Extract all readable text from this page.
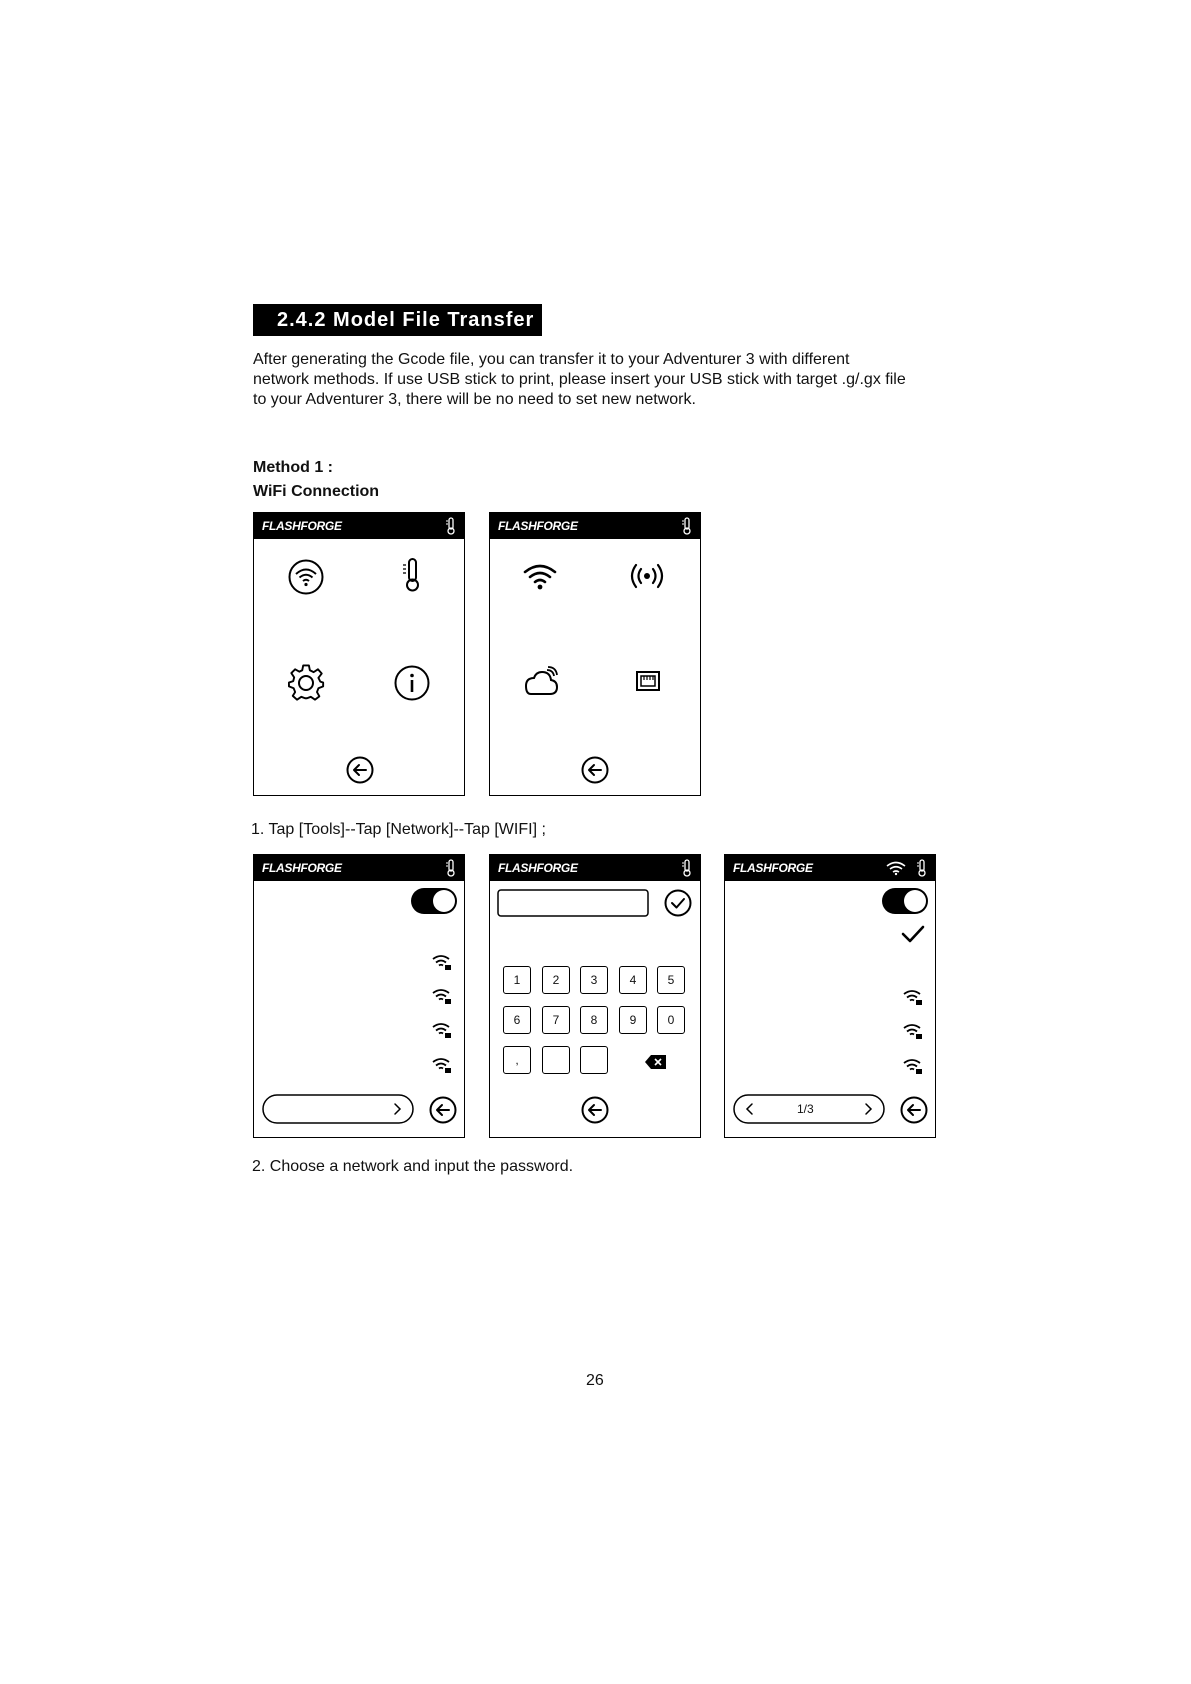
2.4.2 Model File Transfer
After generating the Gcode file, you can transfer it to your Adventurer 3 with different
network methods. If use USB stick to print, please insert your USB stick with target .g/.gx file
to your Adventurer 3, there will be no need to set new network.
Method 1 :
WiFi Connection
FLASHFORGE	FLASHFORGE
1. Tap [Tools]--Tap [Network]--Tap [WIFI] ;
FLASHFORGE	FLASHFORGE
1	2	3	4	5
6	7	8	9	0
,
FLASHFORGE
1/3
2. Choose a network and input the password.
26
